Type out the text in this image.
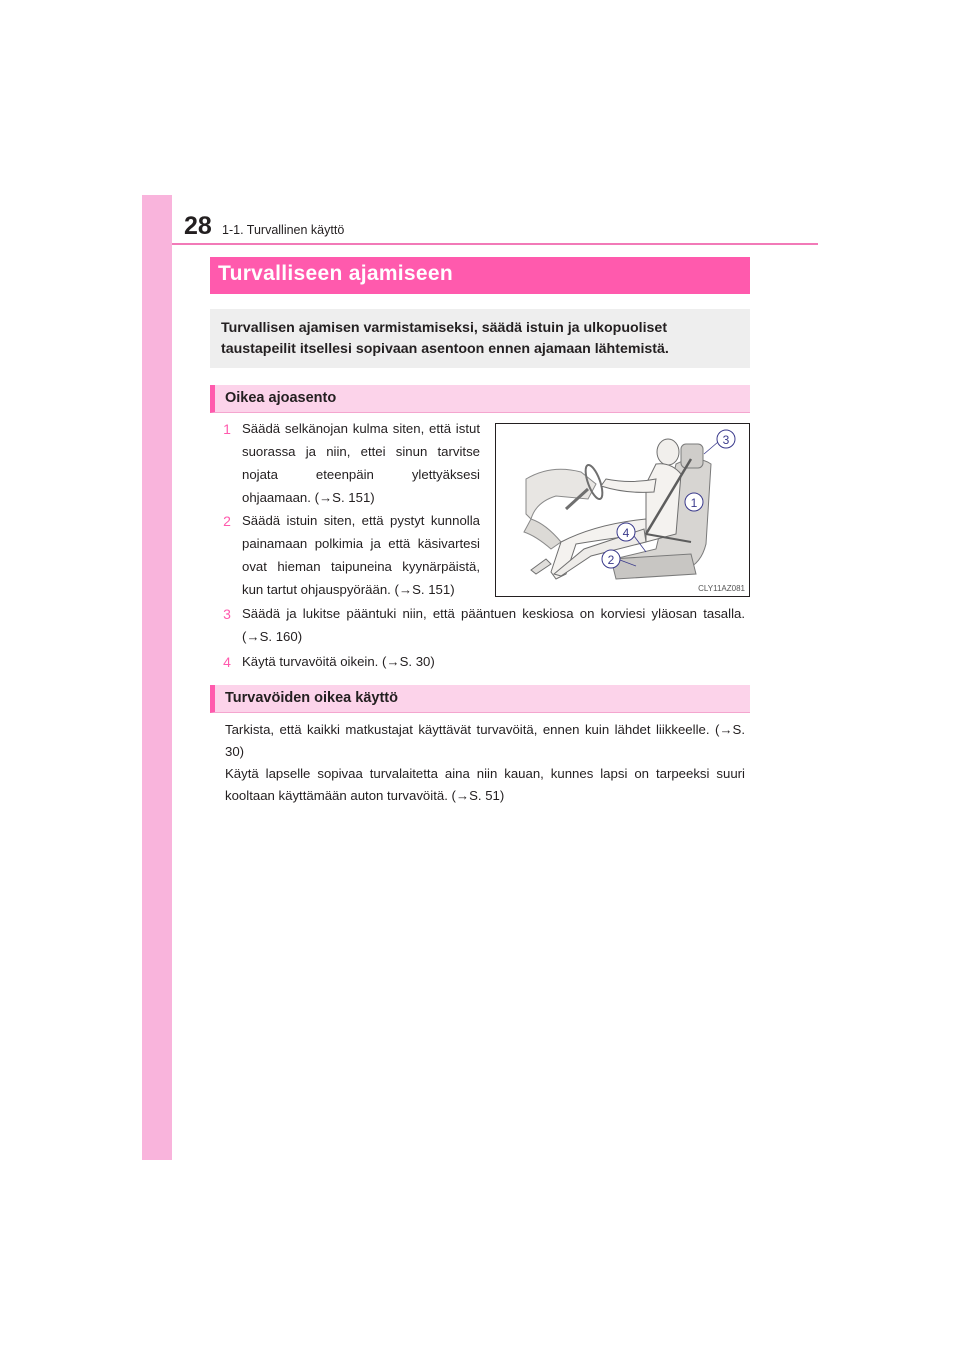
28 1-1. Turvallinen käyttö
Turvalliseen ajamiseen

Turvallisen ajamisen varmistamiseksi, säädä istuin ja ulkopuoliset taustapeilit itsellesi sopivaan asentoon ennen ajamaan lähtemistä.

Oikea ajoasento
1 Säädä selkänojan kulma siten, että istut suorassa ja niin, ettei sinun tarvitse nojata eteenpäin ylettyäksesi ohjaamaan. (→S. 151)

2 Säädä istuin siten, että pystyt kunnolla painamaan polkimia ja että käsivartesi ovat hieman taipuneina kyynärpäistä, kun tartut ohjauspyörään. (→S. 151)

3
1
4
2
CLY11AZ081
3 Säädä ja lukitse pääntuki niin, että pääntuen keskiosa on korviesi yläosan tasalla. (→S. 160)

4 Käytä turvavöitä oikein. (→S. 30)

Turvavöiden oikea käyttö

Tarkista, että kaikki matkustajat käyttävät turvavöitä, ennen kuin lähdet liikkeelle. (→S. 30)

Käytä lapselle sopivaa turvalaitetta aina niin kauan, kunnes lapsi on tarpeeksi suuri kooltaan käyttämään auton turvavöitä. (→S. 51)
